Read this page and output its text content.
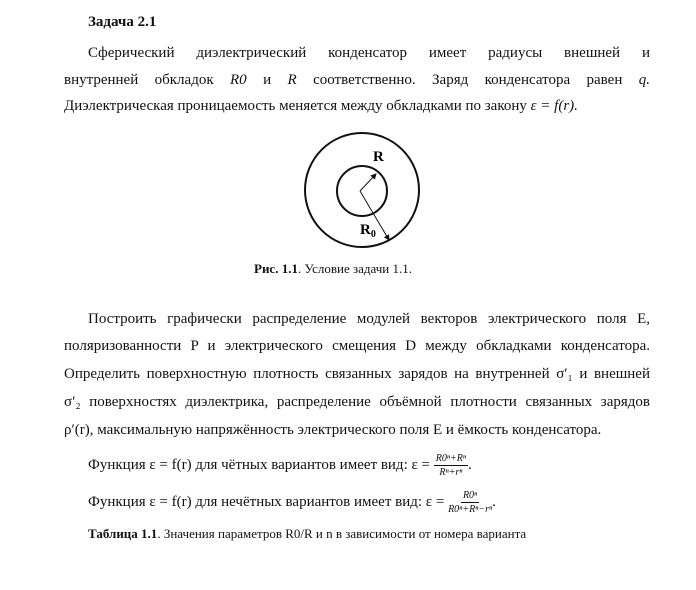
Задача 2.1
Сферический диэлектрический конденсатор имеет радиусы внешней и
внутренней обкладок R0 и R соответственно. Заряд конденсатора равен q.
Диэлектрическая проницаемость меняется между обкладками по закону ε = f(r).
R
$R_0$
Рис. 1.1. Условие задачи 1.1.
Построить графически распределение модулей векторов электрического поля E,
поляризованности P и электрического смещения D между обкладками конденсатора.
Определить поверхностную плотность связанных зарядов на внутренней σ′₁ и внешней
σ′₂ поверхностях диэлектрика, распределение объёмной плотности связанных зарядов
ρ′(r), максимальную напряжённость электрического поля E и ёмкость конденсатора.
Функция ε = f(r) для чётных вариантов имеет вид: $\varepsilon = \frac{\text{R0ⁿ+Rⁿ}}{\text{Rⁿ+rⁿ}}$ .
Функция ε = f(r) для нечётных вариантов имеет вид: $\varepsilon = \frac{\text{R0ⁿ}}{\text{R0ⁿ+Rⁿ−rⁿ}}$ .
Таблица 1.1. Значения параметров R0/R и n в зависимости от номера варианта
